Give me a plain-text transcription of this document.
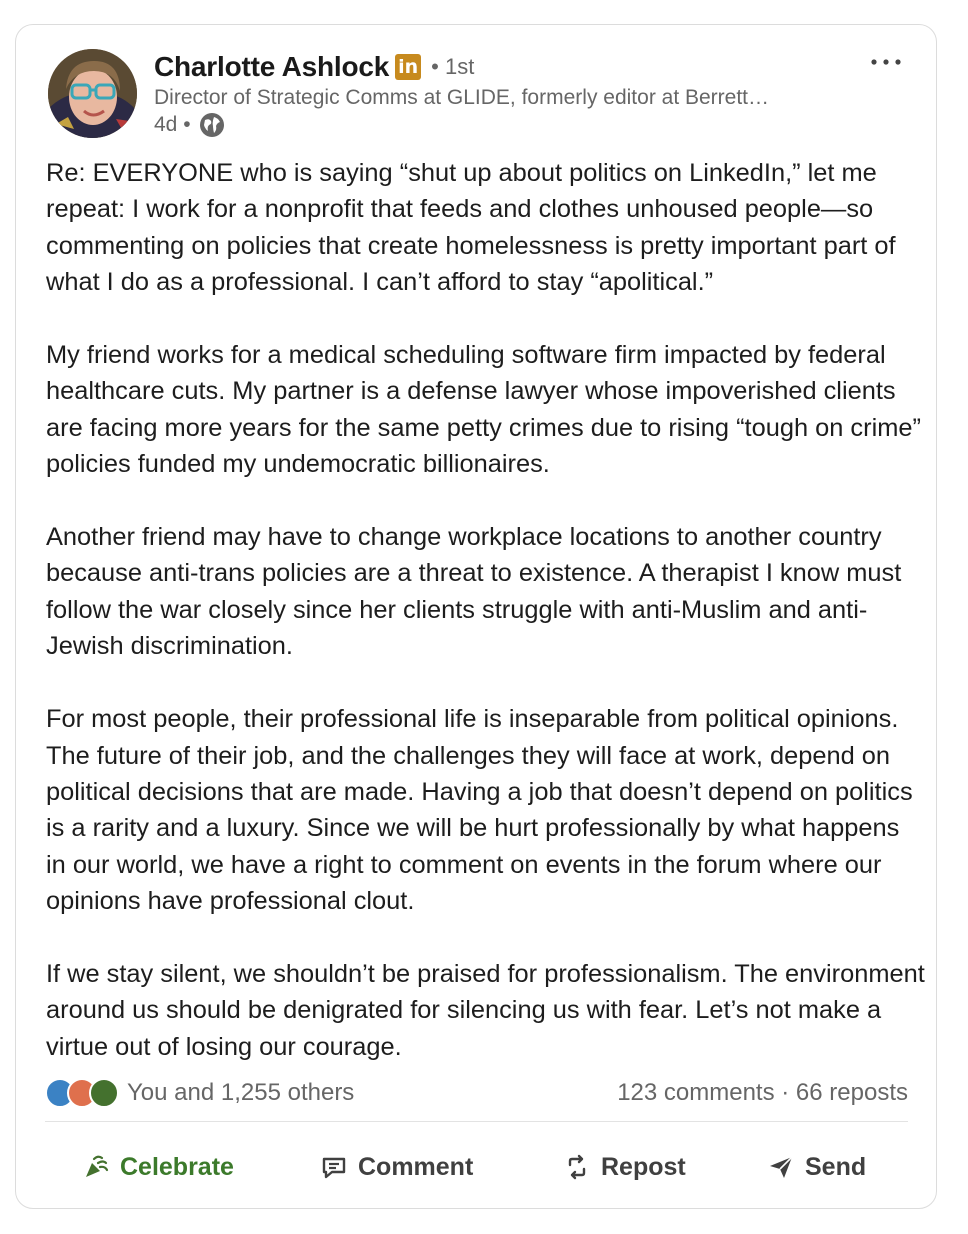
Charlotte Ashlock in • 1st
Director of Strategic Comms at GLIDE, formerly editor at Berrett…
4d •
Re: EVERYONE who is saying “shut up about politics on LinkedIn,” let me repeat: I work for a nonprofit that feeds and clothes unhoused people—so commenting on policies that create homelessness is pretty important part of what I do as a professional. I can’t afford to stay “apolitical.”

My friend works for a medical scheduling software firm impacted by federal healthcare cuts. My partner is a defense lawyer whose impoverished clients are facing more years for the same petty crimes due to rising “tough on crime” policies funded my undemocratic billionaires.

Another friend may have to change workplace locations to another country because anti-trans policies are a threat to existence. A therapist I know must follow the war closely since her clients struggle with anti-Muslim and anti-Jewish discrimination.

For most people, their professional life is inseparable from political opinions. The future of their job, and the challenges they will face at work, depend on political decisions that are made. Having a job that doesn’t depend on politics is a rarity and a luxury. Since we will be hurt professionally by what happens in our world, we have a right to comment on events in the forum where our opinions have professional clout.

If we stay silent, we shouldn’t be praised for professionalism. The environment around us should be denigrated for silencing us with fear. Let’s not make a virtue out of losing our courage.
You and 1,255 others	123 comments · 66 reposts
Celebrate	Comment	Repost	Send
